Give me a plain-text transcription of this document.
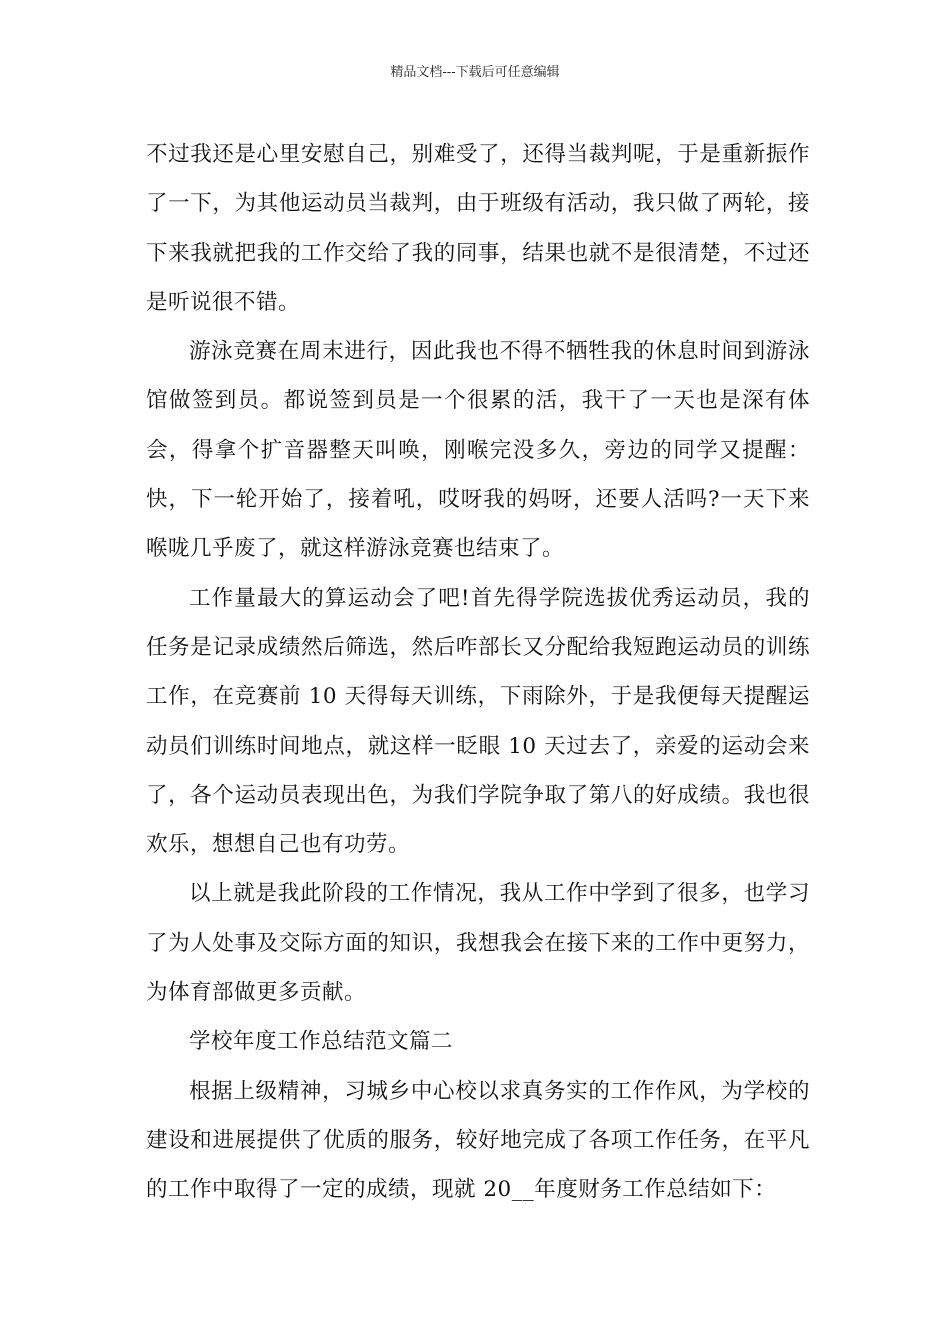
精品文档---下载后可任意编辑

不过我还是心里安慰自己，别难受了，还得当裁判呢，于是重新振作了一下，为其他运动员当裁判，由于班级有活动，我只做了两轮，接下来我就把我的工作交给了我的同事，结果也就不是很清楚，不过还是听说很不错。

游泳竞赛在周末进行，因此我也不得不牺牲我的休息时间到游泳馆做签到员。都说签到员是一个很累的活，我干了一天也是深有体会，得拿个扩音器整天叫唤，刚喉完没多久，旁边的同学又提醒：快，下一轮开始了，接着吼，哎呀我的妈呀，还要人活吗?一天下来喉咙几乎废了，就这样游泳竞赛也结束了。

工作量最大的算运动会了吧!首先得学院选拔优秀运动员，我的任务是记录成绩然后筛选，然后咋部长又分配给我短跑运动员的训练工作，在竞赛前 10 天得每天训练，下雨除外，于是我便每天提醒运动员们训练时间地点，就这样一眨眼 10 天过去了，亲爱的运动会来了，各个运动员表现出色，为我们学院争取了第八的好成绩。我也很欢乐，想想自己也有功劳。

以上就是我此阶段的工作情况，我从工作中学到了很多，也学习了为人处事及交际方面的知识，我想我会在接下来的工作中更努力，为体育部做更多贡献。

学校年度工作总结范文篇二

根据上级精神，习城乡中心校以求真务实的工作作风，为学校的建设和进展提供了优质的服务，较好地完成了各项工作任务，在平凡的工作中取得了一定的成绩，现就 20__年度财务工作总结如下：
